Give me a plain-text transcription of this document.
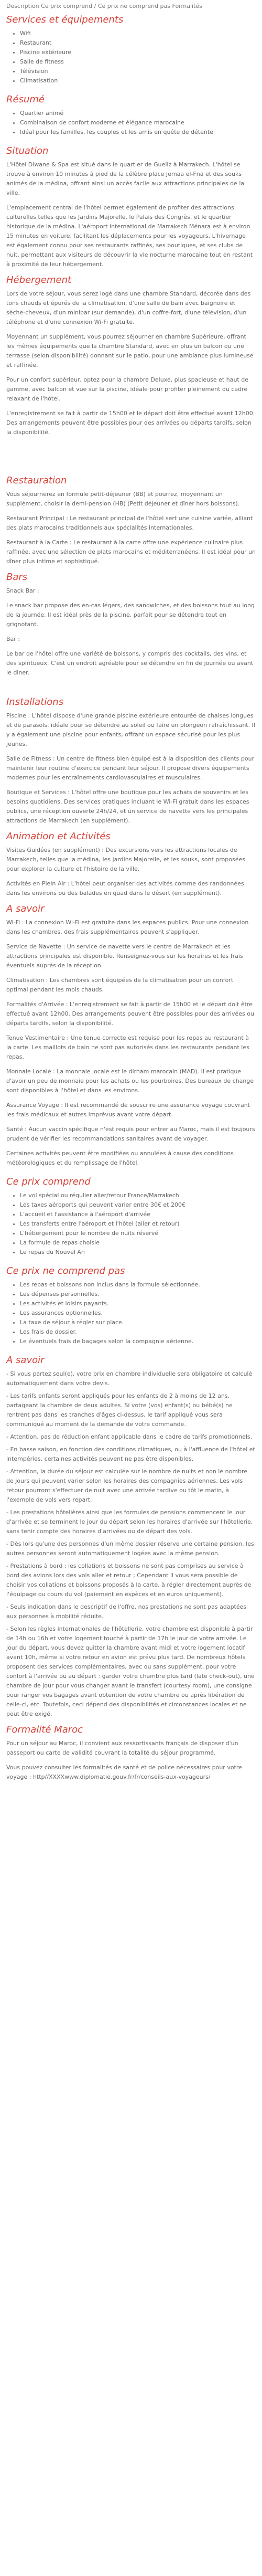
Description Ce prix comprend / Ce prix ne comprend pas Formalités

Services et équipements
• Wifi
• Restaurant
• Piscine extérieure
• Salle de fitness
• Télévision
• Climatisation
Résumé
• Quartier animé
• Combinaison de confort moderne et élégance marocaine
• Idéal pour les familles, les couples et les amis en quête de détente
Situation

L'Hôtel Diwane & Spa est situé dans le quartier de Gueliz à Marrakech. L'hôtel se trouve à environ 10 minutes à pied de la célèbre place Jemaa el-Fna et des souks animés de la médina, offrant ainsi un accès facile aux attractions principales de la ville.

L'emplacement central de l'hôtel permet également de profiter des attractions culturelles telles que les Jardins Majorelle, le Palais des Congrès, et le quartier historique de la médina. L'aéroport international de Marrakech Ménara est à environ 15 minutes en voiture, facilitant les déplacements pour les voyageurs. L'hivernage est également connu pour ses restaurants raffinés, ses boutiques, et ses clubs de nuit, permettant aux visiteurs de découvrir la vie nocturne marocaine tout en restant à proximité de leur hébergement.

Hébergement

Lors de votre séjour, vous serez logé dans une chambre Standard, décorée dans des tons chauds et épurés de la climatisation, d'une salle de bain avec baignoire et sèche-cheveux, d'un minibar (sur demande), d'un coffre-fort, d'une télévision, d'un téléphone et d'une connexion Wi-Fi gratuite.

Moyennant un supplément, vous pourrez séjourner en chambre Supérieure, offrant les mêmes équipements que la chambre Standard, avec en plus un balcon ou une terrasse (selon disponibilité) donnant sur le patio, pour une ambiance plus lumineuse et raffinée.

Pour un confort supérieur, optez pour la chambre Deluxe, plus spacieuse et haut de gamme, avec balcon et vue sur la piscine, idéale pour profiter pleinement du cadre relaxant de l'hôtel.

L'enregistrement se fait à partir de 15h00 et le départ doit être effectué avant 12h00. Des arrangements peuvent être possibles pour des arrivées ou départs tardifs, selon la disponibilité.

Restauration

Vous séjournerez en formule petit-déjeuner (BB) et pourrez, moyennant un supplément, choisir la demi-pension (HB) (Petit déjeuner et dîner hors boissons).

Restaurant Principal : Le restaurant principal de l'hôtel sert une cuisine variée, alliant des plats marocains traditionnels aux spécialités internationales.

Restaurant à la Carte : Le restaurant à la carte offre une expérience culinaire plus raffinée, avec une sélection de plats marocains et méditerranéens. Il est idéal pour un dîner plus intime et sophistiqué.

Bars

Snack Bar :

Le snack bar propose des en-cas légers, des sandwiches, et des boissons tout au long de la journée. Il est idéal près de la piscine, parfait pour se détendre tout en grignotant.

Bar :

Le bar de l'hôtel offre une variété de boissons, y compris des cocktails, des vins, et des spiritueux. C'est un endroit agréable pour se détendre en fin de journée ou avant le dîner.

Installations

Piscine : L'hôtel dispose d'une grande piscine extérieure entourée de chaises longues et de parasols, idéale pour se détendre au soleil ou faire un plongeon rafraîchissant. Il y a également une piscine pour enfants, offrant un espace sécurisé pour les plus jeunes.

Salle de Fitness : Un centre de fitness bien équipé est à la disposition des clients pour maintenir leur routine d'exercice pendant leur séjour. Il propose divers équipements modernes pour les entraînements cardiovasculaires et musculaires.

Boutique et Services : L'hôtel offre une boutique pour les achats de souvenirs et les besoins quotidiens. Des services pratiques incluant le Wi-Fi gratuit dans les espaces publics, une réception ouverte 24h/24, et un service de navette vers les principales attractions de Marrakech (en supplément).

Animation et Activités

Visites Guidées (en supplément) : Des excursions vers les attractions locales de Marrakech, telles que la médina, les jardins Majorelle, et les souks, sont proposées pour explorer la culture et l'histoire de la ville.

Activités en Plein Air : L'hôtel peut organiser des activités comme des randonnées dans les environs ou des balades en quad dans le désert (en supplément).

A savoir

Wi-Fi : La connexion Wi-Fi est gratuite dans les espaces publics. Pour une connexion dans les chambres, des frais supplémentaires peuvent s'appliquer.

Service de Navette : Un service de navette vers le centre de Marrakech et les attractions principales est disponible. Renseignez-vous sur les horaires et les frais éventuels auprès de la réception.

Climatisation : Les chambres sont équipées de la climatisation pour un confort optimal pendant les mois chauds.

Formalités d'Arrivée : L'enregistrement se fait à partir de 15h00 et le départ doit être effectué avant 12h00. Des arrangements peuvent être possibles pour des arrivées ou départs tardifs, selon la disponibilité.

Tenue Vestimentaire : Une tenue correcte est requise pour les repas au restaurant à la carte. Les maillots de bain ne sont pas autorisés dans les restaurants pendant les repas.

Monnaie Locale : La monnaie locale est le dirham marocain (MAD). Il est pratique d'avoir un peu de monnaie pour les achats ou les pourboires. Des bureaux de change sont disponibles à l'hôtel et dans les environs.

Assurance Voyage : Il est recommandé de souscrire une assurance voyage couvrant les frais médicaux et autres imprévus avant votre départ.

Santé : Aucun vaccin spécifique n'est requis pour entrer au Maroc, mais il est toujours prudent de vérifier les recommandations sanitaires avant de voyager.

Certaines activités peuvent être modifiées ou annulées à cause des conditions météorologiques et du remplissage de l'hôtel.

Ce prix comprend
• Le vol spécial ou régulier aller/retour France/Marrakech
• Les taxes aéroports qui peuvent varier entre 30€ et 200€
• L'accueil et l'assistance à l'aéroport d'arrivée
• Les transferts entre l'aéroport et l'hôtel (aller et retour)
• L'hébergement pour le nombre de nuits réservé
• La formule de repas choisie
• Le repas du Nouvel An
Ce prix ne comprend pas
• Les repas et boissons non inclus dans la formule sélectionnée.
• Les dépenses personnelles.
• Les activités et loisirs payants.
• Les assurances optionnelles.
• La taxe de séjour à régler sur place.
• Les frais de dossier.
• Le éventuels frais de bagages selon la compagnie aérienne.
A savoir

- Si vous partez seul(e), votre prix en chambre individuelle sera obligatoire et calculé automatiquement dans votre devis.

- Les tarifs enfants seront appliqués pour les enfants de 2 à moins de 12 ans, partageant la chambre de deux adultes. Si votre (vos) enfant(s) ou bébé(s) ne rentrent pas dans les tranches d'âges ci-dessus, le tarif appliqué vous sera communiqué au moment de la demande de votre commande.

- Attention, pas de réduction enfant applicable dans le cadre de tarifs promotionnels.

- En basse saison, en fonction des conditions climatiques, ou à l'affluence de l'hôtel et intempéries, certaines activités peuvent ne pas être disponibles.

- Attention, la durée du séjour est calculée sur le nombre de nuits et non le nombre de jours qui peuvent varier selon les horaires des compagnies aériennes. Les vols retour pourront s'effectuer de nuit avec une arrivée tardive ou tôt le matin, à l'exemple de vols vers repart.

- Les prestations hôtelières ainsi que les formules de pensions commencent le jour d'arrivée et se terminent le jour du départ selon les horaires d'arrivée sur l'hôtellerie, sans tenir compte des horaires d'arrivées ou de départ des vols.

- Dès lors qu'une des personnes d'un même dossier réserve une certaine pension, les autres personnes seront automatiquement logées avec la même pension.

- Prestations à bord : les collations et boissons ne sont pas comprises au service à bord des avions lors des vols aller et retour ; Cependant il vous sera possible de choisir vos collations et boissons proposés à la carte, à régler directement auprès de l'équipage ou cours du vol (paiement en espèces et en euros uniquement).

- Seuls indication dans le descriptif de l'offre, nos prestations ne sont pas adaptées aux personnes à mobilité réduite.

- Selon les règles internationales de l'hôtellerie, votre chambre est disponible à partir de 14h ou 16h et votre logement touché à partir de 17h le jour de votre arrivée. Le jour du départ, vous devez quitter la chambre avant midi et votre logement locatif avant 10h, même si votre retour en avion est prévu plus tard. De nombreux hôtels proposent des services complémentaires, avec ou sans supplément, pour votre confort à l'arrivée ou au départ : garder votre chambre plus tard (late check-out), une chambre de jour pour vous changer avant le transfert (courtesy room), une consigne pour ranger vos bagages avant obtention de votre chambre ou après libération de celle-ci, etc. Toutefois, ceci dépend des disponibilités et circonstances locales et ne peut être exigé.

Formalité Maroc

Pour un séjour au Maroc, il convient aux ressortissants français de disposer d'un passeport ou carte de validité couvrant la totalité du séjour programmé.

Vous pouvez consulter les formalités de santé et de police nécessaires pour votre voyage : http//XXXXwww.diplomatie.gouv.fr/fr/conseils-aux-voyageurs/
